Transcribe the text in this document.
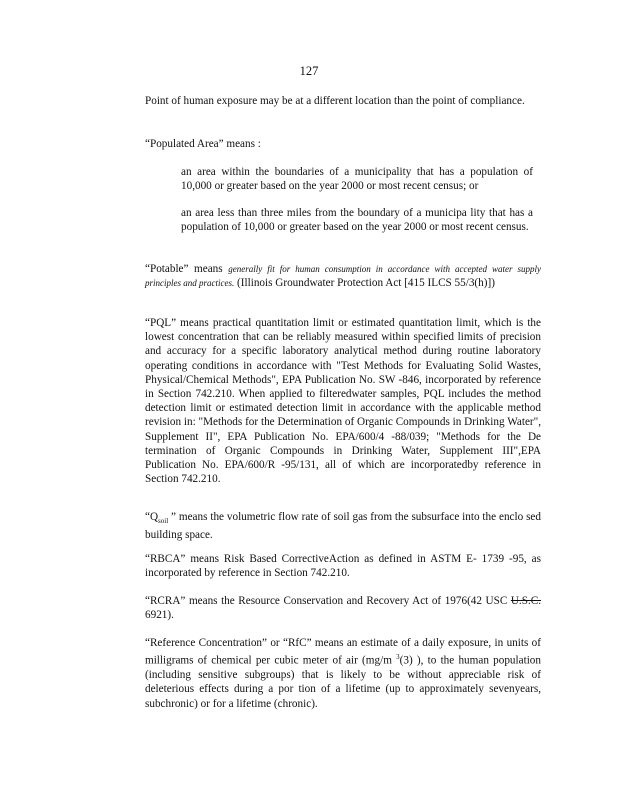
127
Point of human exposure may be at a different location than the point of compliance.
“Populated Area” means :
an area within the boundaries of a municipality that has a population of 10,000 or greater based on the year 2000 or most recent census; or
an area less than three miles from the boundary of a municipa lity that has a population of 10,000 or greater based on the year 2000 or most recent census.
“Potable” means generally fit for human consumption in accordance with accepted water supply principles and practices. (Illinois Groundwater Protection Act [415 ILCS 55/3(h)])
“PQL” means practical quantitation limit or estimated quantitation limit, which is the lowest concentration that can be reliably measured within specified limits of precision and accuracy for a specific laboratory analytical method during routine laboratory operating conditions in accordance with "Test Methods for Evaluating Solid Wastes, Physical/Chemical Methods", EPA Publication No. SW -846, incorporated by reference in Section 742.210. When applied to filteredwater samples, PQL includes the method detection limit or estimated detection limit in accordance with the applicable method revision in: "Methods for the Determination of Organic Compounds in Drinking Water", Supplement II", EPA Publication No. EPA/600/4 -88/039; "Methods for the De termination of Organic Compounds in Drinking Water, Supplement III",EPA Publication No. EPA/600/R -95/131, all of which are incorporatedby reference in Section 742.210.
“$Q_{soil}$ ” means the volumetric flow rate of soil gas from the subsurface into the enclo sed building space.
“RBCA” means Risk Based CorrectiveAction as defined in ASTM E- 1739 -95, as incorporated by reference in Section 742.210.
“RCRA” means the Resource Conservation and Recovery Act of 1976(42 USC U.S.C. 6921).
“Reference Concentration” or “RfC” means an estimate of a daily exposure, in units of milligrams of chemical per cubic meter of air (mg/m $^3$(3) ), to the human population (including sensitive subgroups) that is likely to be without appreciable risk of deleterious effects during a por tion of a lifetime (up to approximately sevenyears, subchronic) or for a lifetime (chronic).
